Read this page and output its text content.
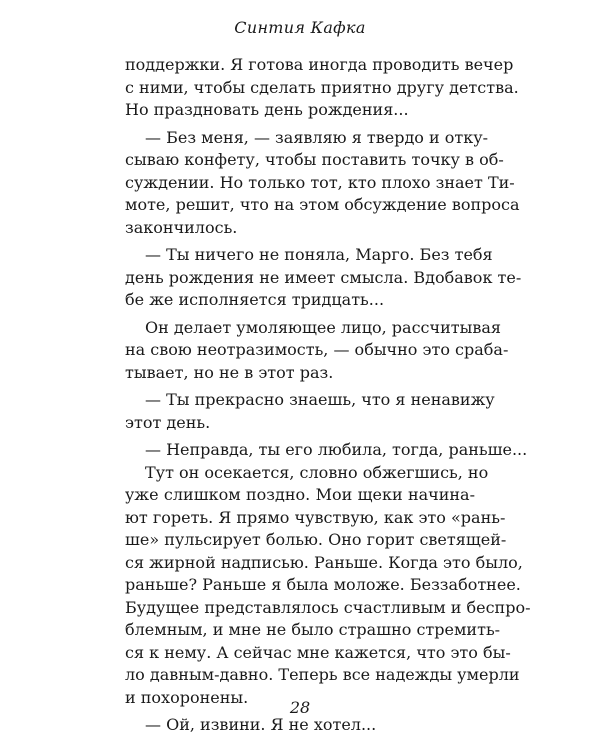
Синтия Кафка
поддержки. Я готова иногда проводить вечер
с ними, чтобы сделать приятно другу детства.
Но праздновать день рождения...
— Без меня, — заявляю я твердо и отку-
сываю конфету, чтобы поставить точку в об-
суждении. Но только тот, кто плохо знает Ти-
моте, решит, что на этом обсуждение вопроса
закончилось.
— Ты ничего не поняла, Марго. Без тебя
день рождения не имеет смысла. Вдобавок те-
бе же исполняется тридцать...
Он делает умоляющее лицо, рассчитывая
на свою неотразимость, — обычно это сраба-
тывает, но не в этот раз.
— Ты прекрасно знаешь, что я ненавижу
этот день.
— Неправда, ты его любила, тогда, раньше...
Тут он осекается, словно обжегшись, но
уже слишком поздно. Мои щеки начина-
ют гореть. Я прямо чувствую, как это «рань-
ше» пульсирует болью. Оно горит светящей-
ся жирной надписью. Раньше. Когда это было,
раньше? Раньше я была моложе. Беззаботнее.
Будущее представлялось счастливым и беспро-
блемным, и мне не было страшно стремить-
ся к нему. А сейчас мне кажется, что это бы-
ло давным-давно. Теперь все надежды умерли
и похоронены.
— Ой, извини. Я не хотел...
28
